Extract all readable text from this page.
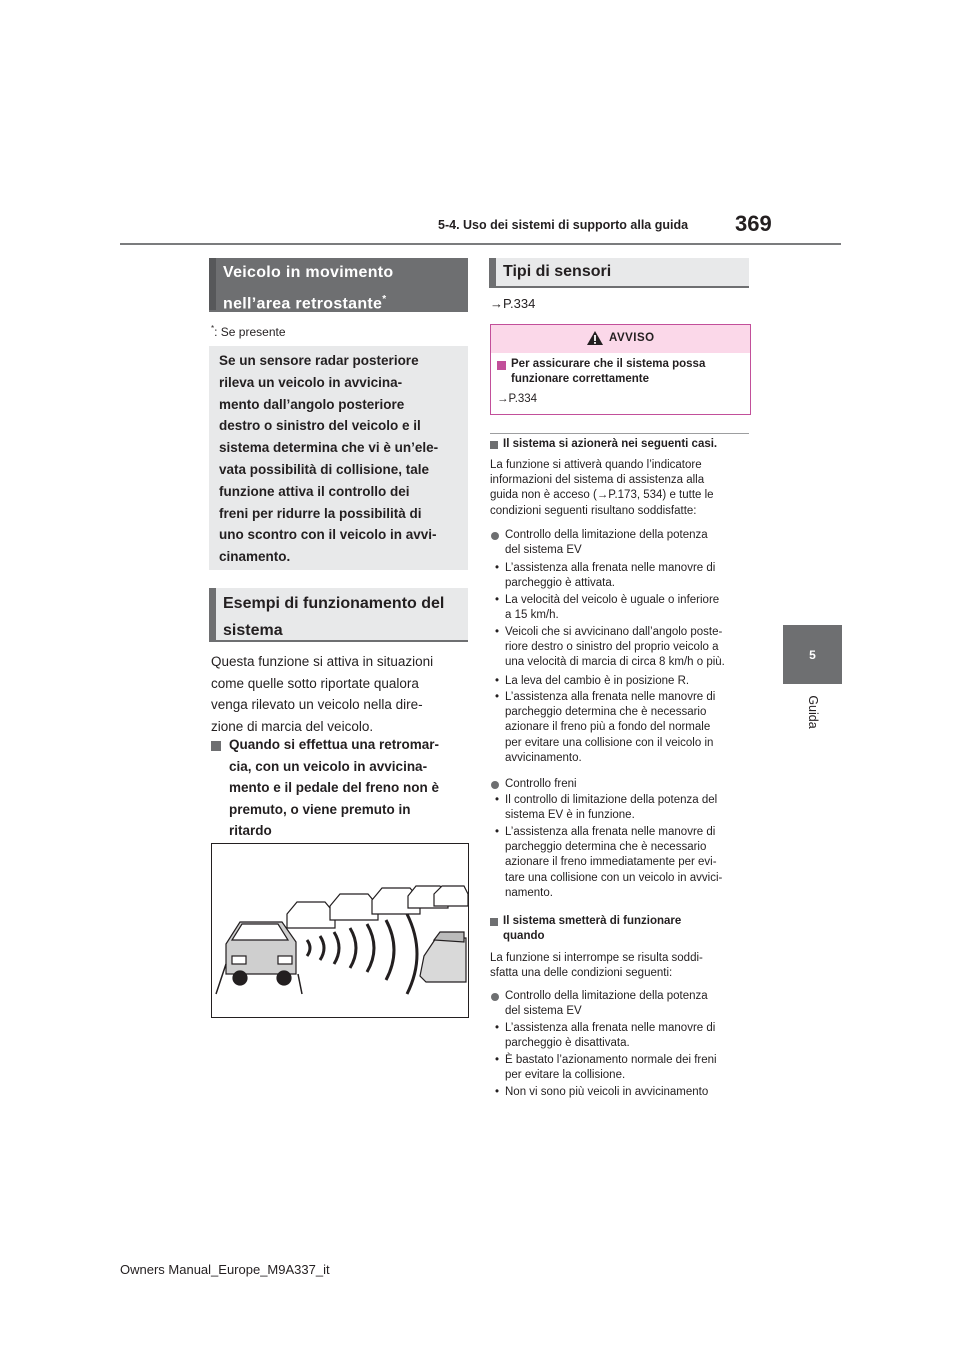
5-4. Uso dei sistemi di supporto alla guida 369
5
Guida
Veicolo in movimento
nell’area retrostante*
*: Se presente
Se un sensore radar posteriore
rileva un veicolo in avvicina-
mento dall’angolo posteriore
destro o sinistro del veicolo e il
sistema determina che vi è un’ele-
vata possibilità di collisione, tale
funzione attiva il controllo dei
freni per ridurre la possibilità di
uno scontro con il veicolo in avvi-
cinamento.
Esempi di funzionamento del
sistema
Questa funzione si attiva in situazioni
come quelle sotto riportate qualora
venga rilevato un veicolo nella dire-
zione di marcia del veicolo.
Quando si effettua una retromar-
cia, con un veicolo in avvicina-
mento e il pedale del freno non è
premuto, o viene premuto in
ritardo
Tipi di sensori
→P.334
AVVISO
Per assicurare che il sistema possa
funzionare correttamente
→P.334
Il sistema si azionerà nei seguenti casi.
La funzione si attiverà quando l’indicatore
informazioni del sistema di assistenza alla
guida non è acceso (→P.173, 534) e tutte le
condizioni seguenti risultano soddisfatte:
Controllo della limitazione della potenza
del sistema EV
• L’assistenza alla frenata nelle manovre di
parcheggio è attivata.
• La velocità del veicolo è uguale o inferiore
a 15 km/h.
• Veicoli che si avvicinano dall’angolo poste-
riore destro o sinistro del proprio veicolo a
una velocità di marcia di circa 8 km/h o più.
• La leva del cambio è in posizione R.
• L’assistenza alla frenata nelle manovre di
parcheggio determina che è necessario
azionare il freno più a fondo del normale
per evitare una collisione con il veicolo in
avvicinamento.
Controllo freni
• Il controllo di limitazione della potenza del
sistema EV è in funzione.
• L’assistenza alla frenata nelle manovre di
parcheggio determina che è necessario
azionare il freno immediatamente per evi-
tare una collisione con un veicolo in avvici-
namento.
Il sistema smetterà di funzionare
quando
La funzione si interrompe se risulta soddi-
sfatta una delle condizioni seguenti:
Controllo della limitazione della potenza
del sistema EV
• L’assistenza alla frenata nelle manovre di
parcheggio è disattivata.
• È bastato l’azionamento normale dei freni
per evitare la collisione.
• Non vi sono più veicoli in avvicinamento
Owners Manual_Europe_M9A337_it
